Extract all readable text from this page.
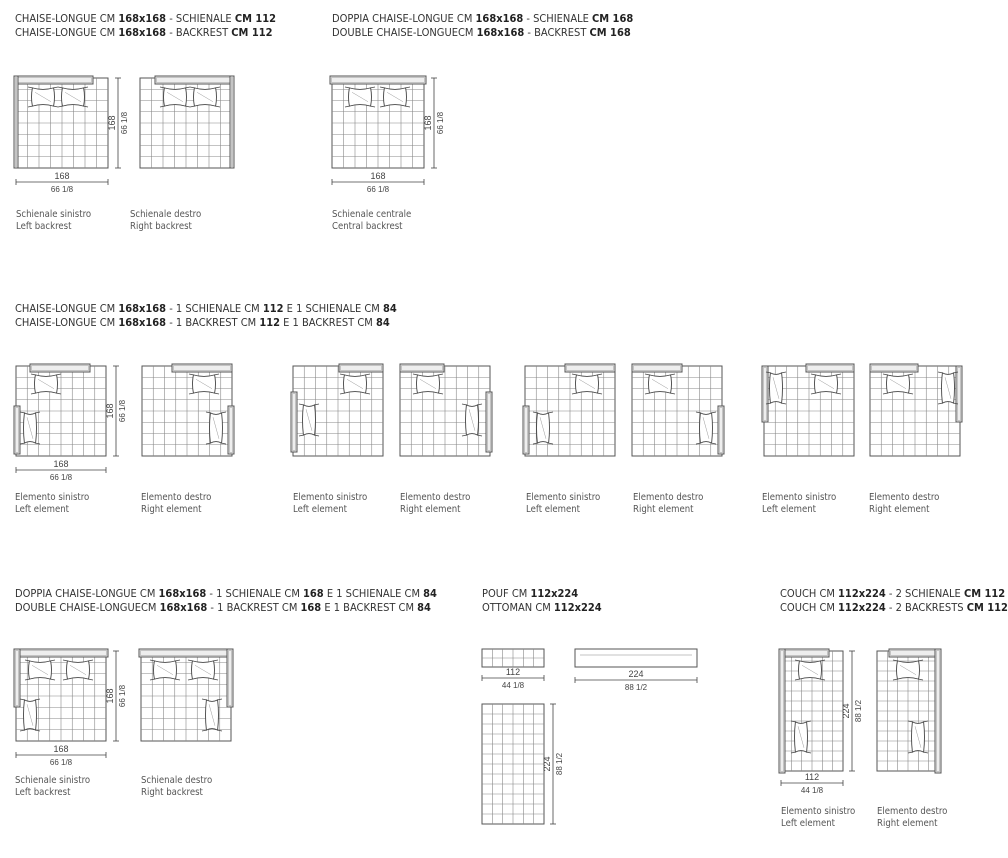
CHAISE-LONGUE CM 168x168 - SCHIENALE CM 112
CHAISE-LONGUE CM 168x168 - BACKREST CM 112
DOPPIA CHAISE-LONGUE CM 168x168 - SCHIENALE CM 168
DOUBLE CHAISE-LONGUECM 168x168 - BACKREST CM 168
CHAISE-LONGUE CM 168x168 - 1 SCHIENALE CM 112 E 1 SCHIENALE CM 84
CHAISE-LONGUE CM 168x168 - 1 BACKREST CM 112 E 1 BACKREST CM 84
DOPPIA CHAISE-LONGUE CM 168x168 - 1 SCHIENALE CM 168 E 1 SCHIENALE CM 84
DOUBLE CHAISE-LONGUECM 168x168 - 1 BACKREST CM 168 E 1 BACKREST CM 84
POUF CM 112x224
OTTOMAN CM 112x224
COUCH CM 112x224 - 2 SCHIENALE CM 112
COUCH CM 112x224 - 2 BACKRESTS CM 112
Schienale sinistro
Left backrest
Schienale destro
Right backrest
Schienale centrale
Central backrest
Elemento sinistro
Left element
Elemento destro
Right element
Elemento sinistro
Left element
Elemento destro
Right element
Elemento sinistro
Left element
Elemento destro
Right element
Elemento sinistro
Left element
Elemento destro
Right element
Schienale sinistro
Left backrest
Schienale destro
Right backrest
Elemento sinistro
Left element
Elemento destro
Right element
168
66 1/8
168 66 1/8
168
66 1/8
168 66 1/8
168
66 1/8
168 66 1/8
168
66 1/8
168 66 1/8
112
44 1/8
224
88 1/2
224 88 1/2
112
44 1/8
224 88 1/2
